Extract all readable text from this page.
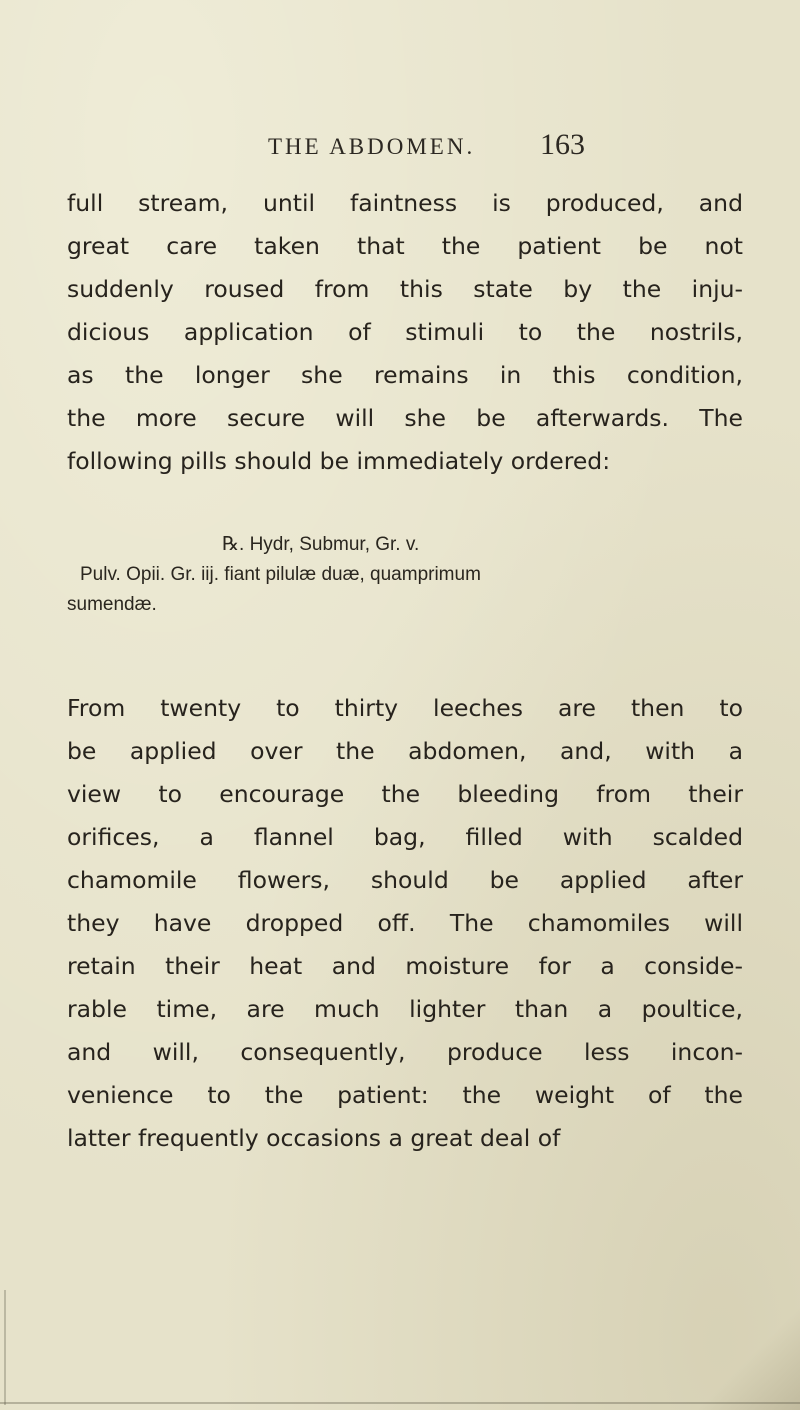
THE ABDOMEN. 163
full stream, until faintness is produced, and
great care taken that the patient be not
suddenly roused from this state by the inju-
dicious application of stimuli to the nostrils,
as the longer she remains in this condition,
the more secure will she be afterwards. The
following pills should be immediately ordered:
℞. Hydr, Submur, Gr. v.
Pulv. Opii. Gr. iij. fiant pilulæ duæ, quamprimum
sumendæ.
From twenty to thirty leeches are then to
be applied over the abdomen, and, with a
view to encourage the bleeding from their
orifices, a flannel bag, filled with scalded
chamomile flowers, should be applied after
they have dropped off. The chamomiles will
retain their heat and moisture for a conside-
rable time, are much lighter than a poultice,
and will, consequently, produce less incon-
venience to the patient: the weight of the
latter frequently occasions a great deal of
